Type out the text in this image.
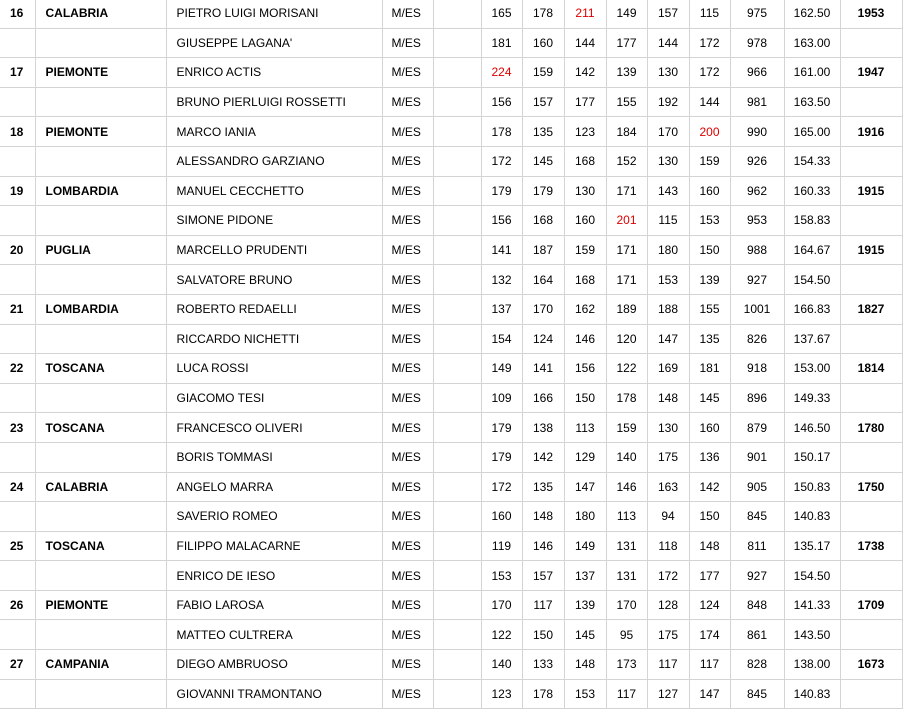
16	CALABRIA	PIETRO LUIGI MORISANI	M/ES		165	178	211	149	157	115	975	162.50	1953
		GIUSEPPE LAGANA'	M/ES		181	160	144	177	144	172	978	163.00	
17	PIEMONTE	ENRICO ACTIS	M/ES		224	159	142	139	130	172	966	161.00	1947
		BRUNO PIERLUIGI ROSSETTI	M/ES		156	157	177	155	192	144	981	163.50	
18	PIEMONTE	MARCO IANIA	M/ES		178	135	123	184	170	200	990	165.00	1916
		ALESSANDRO GARZIANO	M/ES		172	145	168	152	130	159	926	154.33	
19	LOMBARDIA	MANUEL CECCHETTO	M/ES		179	179	130	171	143	160	962	160.33	1915
		SIMONE PIDONE	M/ES		156	168	160	201	115	153	953	158.83	
20	PUGLIA	MARCELLO PRUDENTI	M/ES		141	187	159	171	180	150	988	164.67	1915
		SALVATORE BRUNO	M/ES		132	164	168	171	153	139	927	154.50	
21	LOMBARDIA	ROBERTO REDAELLI	M/ES		137	170	162	189	188	155	1001	166.83	1827
		RICCARDO NICHETTI	M/ES		154	124	146	120	147	135	826	137.67	
22	TOSCANA	LUCA ROSSI	M/ES		149	141	156	122	169	181	918	153.00	1814
		GIACOMO TESI	M/ES		109	166	150	178	148	145	896	149.33	
23	TOSCANA	FRANCESCO OLIVERI	M/ES		179	138	113	159	130	160	879	146.50	1780
		BORIS TOMMASI	M/ES		179	142	129	140	175	136	901	150.17	
24	CALABRIA	ANGELO MARRA	M/ES		172	135	147	146	163	142	905	150.83	1750
		SAVERIO ROMEO	M/ES		160	148	180	113	94	150	845	140.83	
25	TOSCANA	FILIPPO MALACARNE	M/ES		119	146	149	131	118	148	811	135.17	1738
		ENRICO DE IESO	M/ES		153	157	137	131	172	177	927	154.50	
26	PIEMONTE	FABIO LAROSA	M/ES		170	117	139	170	128	124	848	141.33	1709
		MATTEO CULTRERA	M/ES		122	150	145	95	175	174	861	143.50	
27	CAMPANIA	DIEGO AMBRUOSO	M/ES		140	133	148	173	117	117	828	138.00	1673
		GIOVANNI TRAMONTANO	M/ES		123	178	153	117	127	147	845	140.83	
